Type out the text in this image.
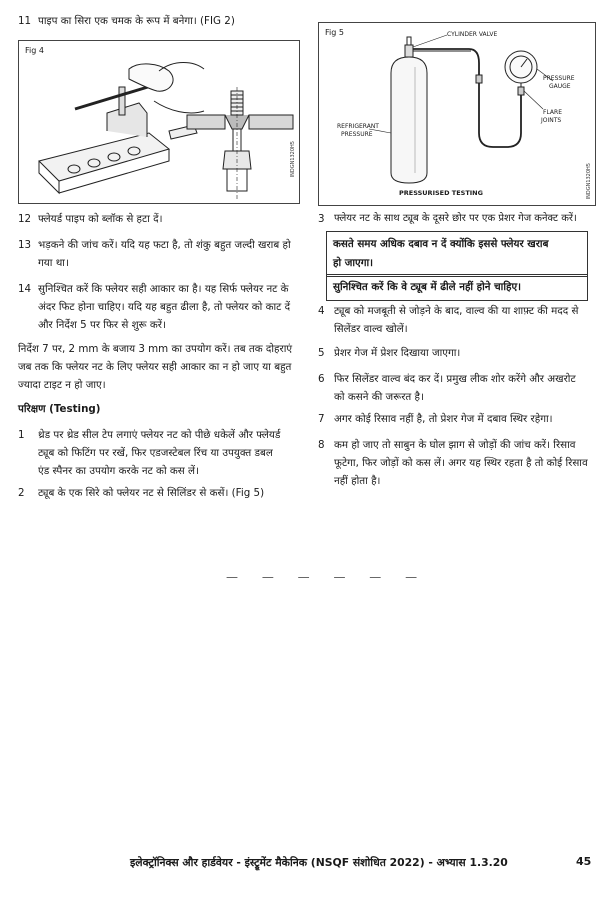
11 पाइप का सिरा एक चमक के रूप में बनेगा। (FIG 2)
Fig 4
INDGN1320H5
12 फ्लेयर्ड पाइप को ब्लॉक से हटा दें।
13 भड़कने की जांच करें। यदि यह फटा है, तो शंकु बहुत जल्दी खराब हो
गया था।
14 सुनिश्चित करें कि फ्लेयर सही आकार का है। यह सिर्फ फ्लेयर नट के
अंदर फिट होना चाहिए। यदि यह बहुत ढीला है, तो फ्लेयर को काट दें
और निर्देश 5 पर फिर से शुरू करें।
निर्देश 7 पर, 2 mm के बजाय 3 mm का उपयोग करें। तब तक दोहराएं
जब तक कि फ्लेयर नट के लिए फ्लेयर सही आकार का न हो जाए या बहुत
ज्यादा टाइट न हो जाए।
परिक्षण (Testing)
1 थ्रेड पर थ्रेड सील टेप लगाएं फ्लेयर नट को पीछे धकेलें और फ्लेयर्ड
ट्यूब को फिटिंग पर रखें, फिर एडजस्टेबल रिंच या उपयुक्त डबल
एंड स्पैनर का उपयोग करके नट को कस लें।
2 ट्यूब के एक सिरे को फ्लेयर नट से सिलिंडर से कसें। (Fig 5)
Fig 5
INDGN1320H5
CYLINDER VALVE
PRESSURE
GAUGE
FLARE
JOINTS
REFRIGERANT
PRESSURE
PRESSURISED TESTING
3 फ्लेयर नट के साथ ट्यूब के दूसरे छोर पर एक प्रेशर गेज कनेक्ट करें।
कसते समय अधिक दबाव न दें क्योंकि इससे फ्लेयर खराब
हो जाएगा।
सुनिश्चित करें कि वे ट्यूब में ढीले नहीं होने चाहिए।
4 ट्यूब को मजबूती से जोड़ने के बाद, वाल्व की या शाफ़्ट की मदद से
सिलेंडर वाल्व खोलें।
5 प्रेशर गेज में प्रेशर दिखाया जाएगा।
6 फिर सिलेंडर वाल्व बंद कर दें। प्रमुख लीक शोर करेंगे और अखरोट
को कसने की जरूरत है।
7 अगर कोई रिसाव नहीं है, तो प्रेशर गेज में दबाव स्थिर रहेगा।
8 कम हो जाए तो साबुन के घोल झाग से जोड़ों की जांच करें। रिसाव
फूटेगा, फिर जोड़ों को कस लें। अगर यह स्थिर रहता है तो कोई रिसाव
नहीं होता है।
— — — — — —
इलेक्ट्रॉनिक्स और हार्डवेयर - इंस्ट्रूमेंट मैकेनिक (NSQF संशोधित 2022) - अभ्यास 1.3.20	45
